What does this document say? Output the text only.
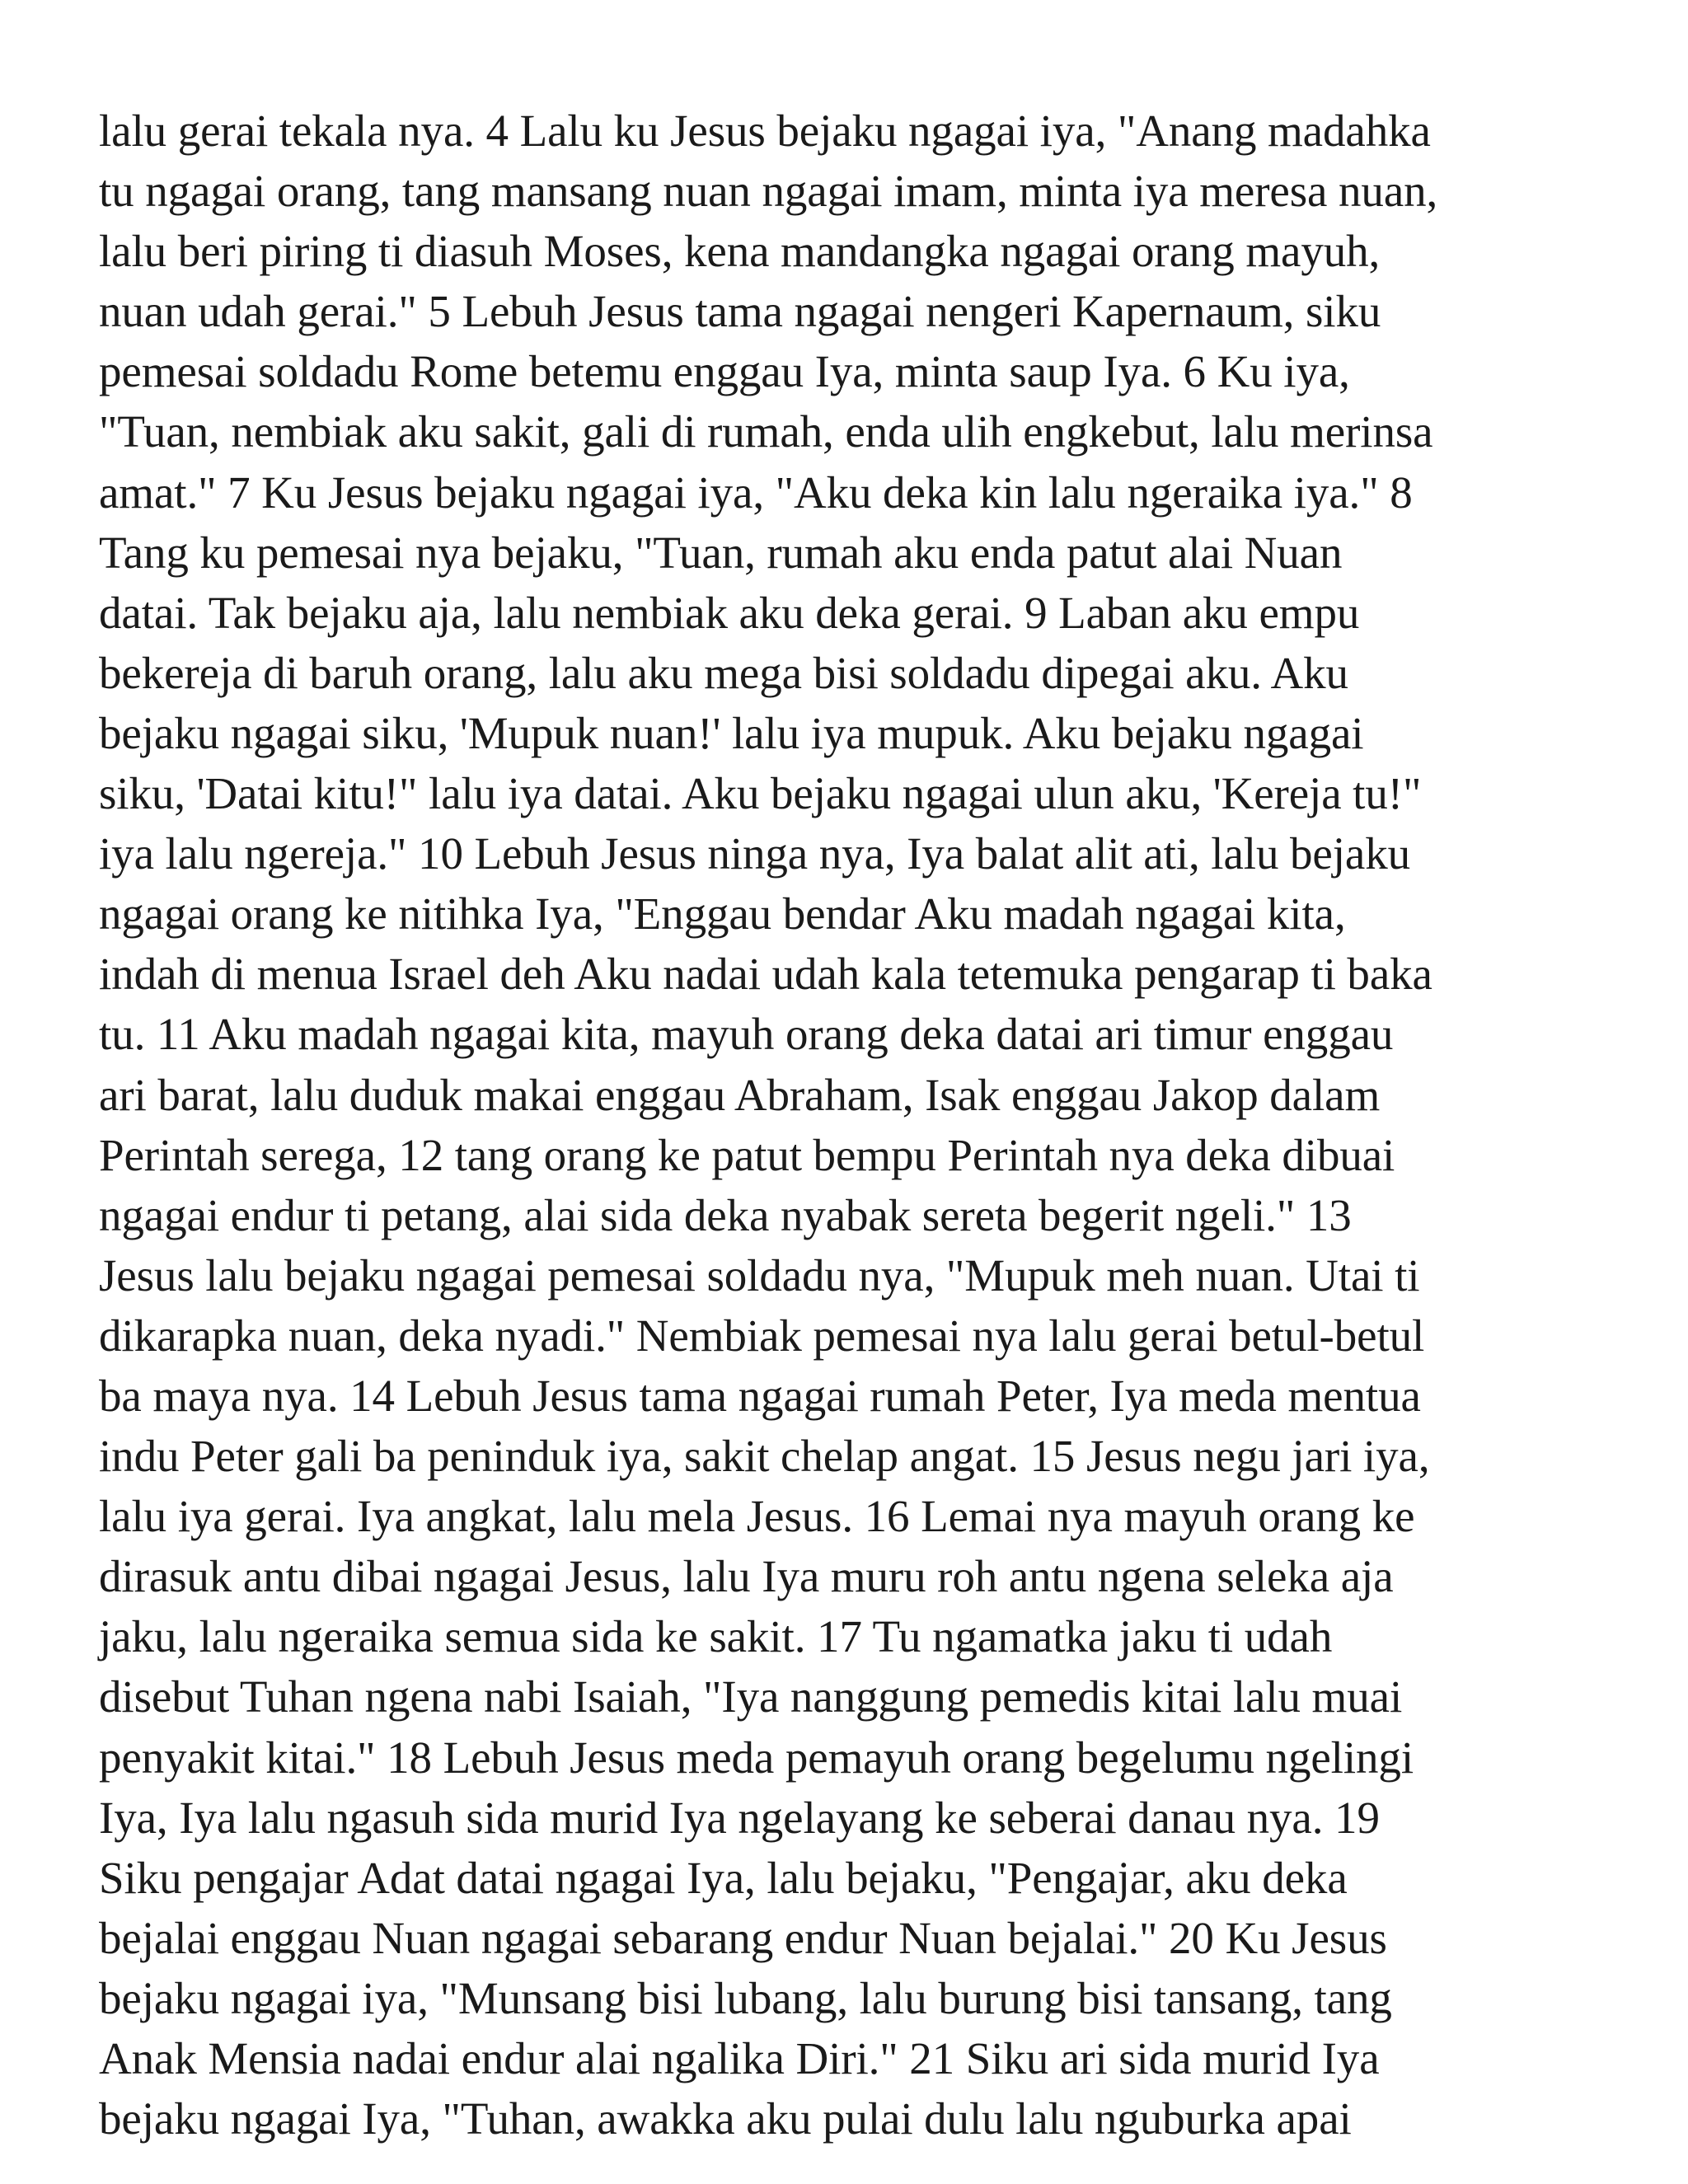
lalu gerai tekala nya. 4 Lalu ku Jesus bejaku ngagai iya, "Anang madahka
tu ngagai orang, tang mansang nuan ngagai imam, minta iya meresa nuan,
lalu beri piring ti diasuh Moses, kena mandangka ngagai orang mayuh,
nuan udah gerai." 5 Lebuh Jesus tama ngagai nengeri Kapernaum, siku
pemesai soldadu Rome betemu enggau Iya, minta saup Iya. 6 Ku iya,
"Tuan, nembiak aku sakit, gali di rumah, enda ulih engkebut, lalu merinsa
amat." 7 Ku Jesus bejaku ngagai iya, "Aku deka kin lalu ngeraika iya." 8
Tang ku pemesai nya bejaku, "Tuan, rumah aku enda patut alai Nuan
datai. Tak bejaku aja, lalu nembiak aku deka gerai. 9 Laban aku empu
bekereja di baruh orang, lalu aku mega bisi soldadu dipegai aku. Aku
bejaku ngagai siku, 'Mupuk nuan!' lalu iya mupuk. Aku bejaku ngagai
siku, 'Datai kitu!" lalu iya datai. Aku bejaku ngagai ulun aku, 'Kereja tu!"
iya lalu ngereja." 10 Lebuh Jesus ninga nya, Iya balat alit ati, lalu bejaku
ngagai orang ke nitihka Iya, "Enggau bendar Aku madah ngagai kita,
indah di menua Israel deh Aku nadai udah kala tetemuka pengarap ti baka
tu. 11 Aku madah ngagai kita, mayuh orang deka datai ari timur enggau
ari barat, lalu duduk makai enggau Abraham, Isak enggau Jakop dalam
Perintah serega, 12 tang orang ke patut bempu Perintah nya deka dibuai
ngagai endur ti petang, alai sida deka nyabak sereta begerit ngeli." 13
Jesus lalu bejaku ngagai pemesai soldadu nya, "Mupuk meh nuan. Utai ti
dikarapka nuan, deka nyadi." Nembiak pemesai nya lalu gerai betul-betul
ba maya nya. 14 Lebuh Jesus tama ngagai rumah Peter, Iya meda mentua
indu Peter gali ba peninduk iya, sakit chelap angat. 15 Jesus negu jari iya,
lalu iya gerai. Iya angkat, lalu mela Jesus. 16 Lemai nya mayuh orang ke
dirasuk antu dibai ngagai Jesus, lalu Iya muru roh antu ngena seleka aja
jaku, lalu ngeraika semua sida ke sakit. 17 Tu ngamatka jaku ti udah
disebut Tuhan ngena nabi Isaiah, "Iya nanggung pemedis kitai lalu muai
penyakit kitai." 18 Lebuh Jesus meda pemayuh orang begelumu ngelingi
Iya, Iya lalu ngasuh sida murid Iya ngelayang ke seberai danau nya. 19
Siku pengajar Adat datai ngagai Iya, lalu bejaku, "Pengajar, aku deka
bejalai enggau Nuan ngagai sebarang endur Nuan bejalai." 20 Ku Jesus
bejaku ngagai iya, "Munsang bisi lubang, lalu burung bisi tansang, tang
Anak Mensia nadai endur alai ngalika Diri." 21 Siku ari sida murid Iya
bejaku ngagai Iya, "Tuhan, awakka aku pulai dulu lalu nguburka apai
